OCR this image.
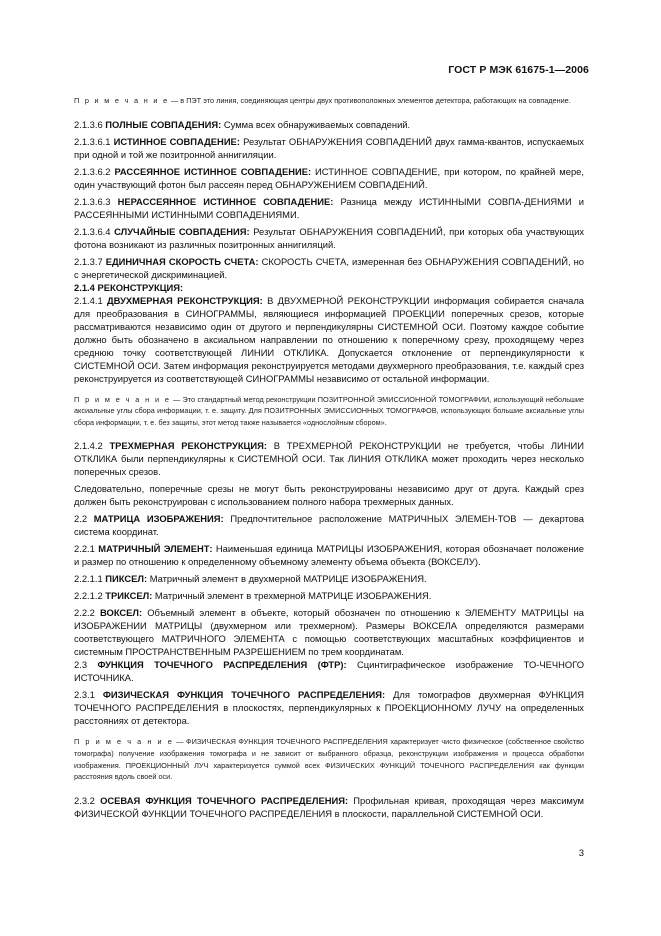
ГОСТ Р МЭК 61675-1—2006

П р и м е ч а н и е — в ПЭТ это линия, соединяющая центры двух противоположных элементов детектора, работающих на совпадение.

2.1.3.6 ПОЛНЫЕ СОВПАДЕНИЯ: Сумма всех обнаруживаемых совпадений.

2.1.3.6.1 ИСТИННОЕ СОВПАДЕНИЕ: Результат ОБНАРУЖЕНИЯ СОВПАДЕНИЙ двух гамма-квантов, испускаемых при одной и той же позитронной аннигиляции.

2.1.3.6.2 РАССЕЯННОЕ ИСТИННОЕ СОВПАДЕНИЕ: ИСТИННОЕ СОВПАДЕНИЕ, при котором, по крайней мере, один участвующий фотон был рассеян перед ОБНАРУЖЕНИЕМ СОВПАДЕНИЙ.

2.1.3.6.3 НЕРАССЕЯННОЕ ИСТИННОЕ СОВПАДЕНИЕ: Разница между ИСТИННЫМИ СОВПА-ДЕНИЯМИ и РАССЕЯННЫМИ ИСТИННЫМИ СОВПАДЕНИЯМИ.

2.1.3.6.4 СЛУЧАЙНЫЕ СОВПАДЕНИЯ: Результат ОБНАРУЖЕНИЯ СОВПАДЕНИЙ, при которых оба участвующих фотона возникают из различных позитронных аннигиляций.

2.1.3.7 ЕДИНИЧНАЯ СКОРОСТЬ СЧЕТА: СКОРОСТЬ СЧЕТА, измеренная без ОБНАРУЖЕНИЯ СОВПАДЕНИЙ, но с энергетической дискриминацией.

2.1.4 РЕКОНСТРУКЦИЯ:

2.1.4.1 ДВУХМЕРНАЯ РЕКОНСТРУКЦИЯ: В ДВУХМЕРНОЙ РЕКОНСТРУКЦИИ информация собирается сначала для преобразования в СИНОГРАММЫ, являющиеся информацией ПРОЕКЦИИ поперечных срезов, которые рассматриваются независимо один от другого и перпендикулярны СИСТЕМНОЙ ОСИ. Поэтому каждое событие должно быть обозначено в аксиальном направлении по отношению к поперечному срезу, проходящему через среднюю точку соответствующей ЛИНИИ ОТКЛИКА. Допускается отклонение от перпендикулярности к СИСТЕМНОЙ ОСИ. Затем информация реконструируется методами двухмерного преобразования, т.е. каждый срез реконструируется из соответствующей СИНОГРАММЫ независимо от остальной информации.

П р и м е ч а н и е — Это стандартный метод реконструкции ПОЗИТРОННОЙ ЭМИССИОННОЙ ТОМОГРАФИИ, использующий небольшие аксиальные углы сбора информации, т. е. защиту. Для ПОЗИТРОННЫХ ЭМИССИОННЫХ ТОМОГРАФОВ, использующих большие аксиальные углы сбора информации, т. е. без защиты, этот метод также называется «однослойным сбором».

2.1.4.2 ТРЕХМЕРНАЯ РЕКОНСТРУКЦИЯ: В ТРЕХМЕРНОЙ РЕКОНСТРУКЦИИ не требуется, чтобы ЛИНИИ ОТКЛИКА были перпендикулярны к СИСТЕМНОЙ ОСИ. Так ЛИНИЯ ОТКЛИКА может проходить через несколько поперечных срезов.

Следовательно, поперечные срезы не могут быть реконструированы независимо друг от друга. Каждый срез должен быть реконструирован с использованием полного набора трехмерных данных.

2.2 МАТРИЦА ИЗОБРАЖЕНИЯ: Предпочтительное расположение МАТРИЧНЫХ ЭЛЕМЕН-ТОВ — декартова система координат.

2.2.1 МАТРИЧНЫЙ ЭЛЕМЕНТ: Наименьшая единица МАТРИЦЫ ИЗОБРАЖЕНИЯ, которая обозначает положение и размер по отношению к определенному объемному элементу объема объекта (ВОКСЕЛУ).

2.2.1.1 ПИКСЕЛ: Матричный элемент в двухмерной МАТРИЦЕ ИЗОБРАЖЕНИЯ.

2.2.1.2 ТРИКСЕЛ: Матричный элемент в трехмерной МАТРИЦЕ ИЗОБРАЖЕНИЯ.

2.2.2 ВОКСЕЛ: Объемный элемент в объекте, который обозначен по отношению к ЭЛЕМЕНТУ МАТРИЦЫ на ИЗОБРАЖЕНИИ МАТРИЦЫ (двухмерном или трехмерном). Размеры ВОКСЕЛА определяются размерами соответствующего МАТРИЧНОГО ЭЛЕМЕНТА с помощью соответствующих масштабных коэффициентов и системным ПРОСТРАНСТВЕННЫМ РАЗРЕШЕНИЕМ по трем координатам.

2.3 ФУНКЦИЯ ТОЧЕЧНОГО РАСПРЕДЕЛЕНИЯ (ФТР): Сцинтиграфическое изображение ТО-ЧЕЧНОГО ИСТОЧНИКА.

2.3.1 ФИЗИЧЕСКАЯ ФУНКЦИЯ ТОЧЕЧНОГО РАСПРЕДЕЛЕНИЯ: Для томографов двухмерная ФУНКЦИЯ ТОЧЕЧНОГО РАСПРЕДЕЛЕНИЯ в плоскостях, перпендикулярных к ПРОЕКЦИОННОМУ ЛУЧУ на определенных расстояниях от детектора.

П р и м е ч а н и е — ФИЗИЧЕСКАЯ ФУНКЦИЯ ТОЧЕЧНОГО РАСПРЕДЕЛЕНИЯ характеризует чисто физическое (собственное свойство томографа) получение изображения томографа и не зависит от выбранного образца, реконструкции изображения и процесса обработки изображения. ПРОЕКЦИОННЫЙ ЛУЧ характеризуется суммой всех ФИЗИЧЕСКИХ ФУНКЦИЙ ТОЧЕЧНОГО РАСПРЕДЕЛЕНИЯ как функции расстояния вдоль своей оси.

2.3.2 ОСЕВАЯ ФУНКЦИЯ ТОЧЕЧНОГО РАСПРЕДЕЛЕНИЯ: Профильная кривая, проходящая через максимум ФИЗИЧЕСКОЙ ФУНКЦИИ ТОЧЕЧНОГО РАСПРЕДЕЛЕНИЯ в плоскости, параллельной СИСТЕМНОЙ ОСИ.

3
